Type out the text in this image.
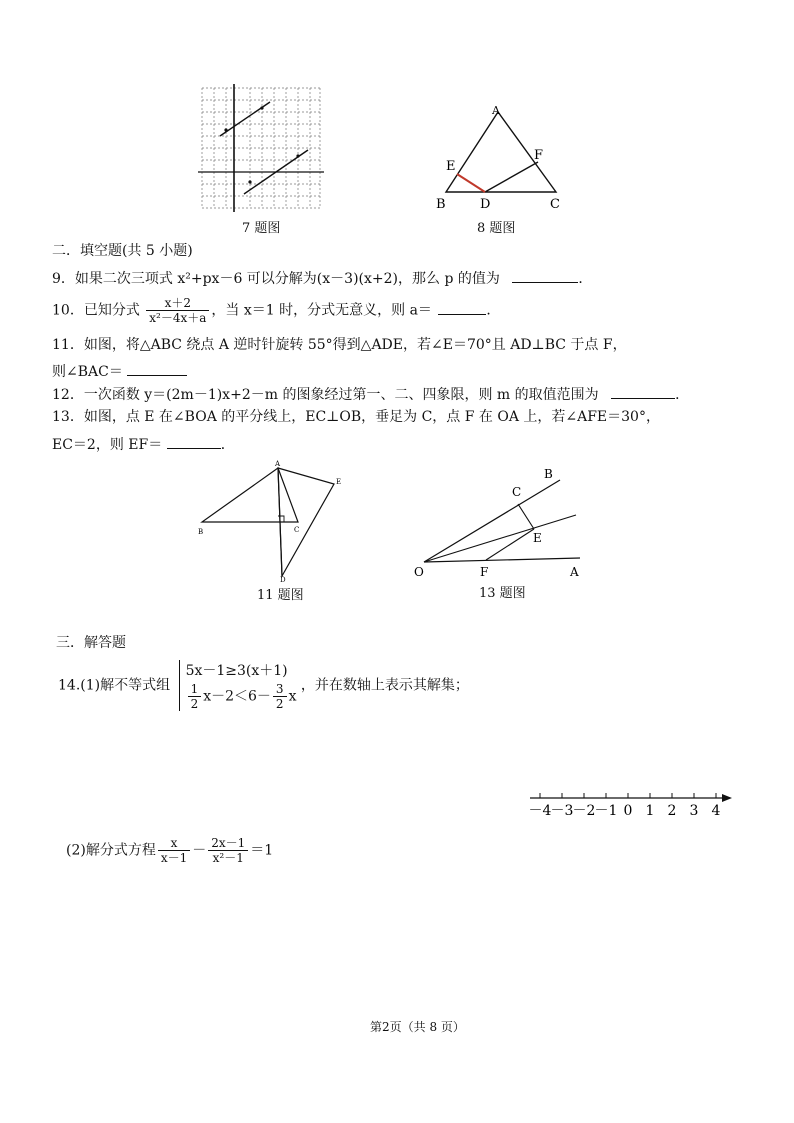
7 题图
A
E
F
B	D	C
8 题图
二．填空题(共 5 小题)
9．如果二次三项式 x²+px－6 可以分解为(x－3)(x+2)，那么 p 的值为	．
10．已知分式 $\frac{x+2}{\text{x²－4x＋a}}$ ，当 x＝1 时，分式无意义，则 a＝	．
11．如图，将△ABC 绕点 A 逆时针旋转 55°得到△ADE，若∠E＝70°且 AD⊥BC 于点 F，
则∠BAC＝
12．一次函数 y＝(2m－1)x+2－m 的图象经过第一、二、四象限，则 m 的取值范围为	．
13．如图，点 E 在∠BOA 的平分线上，EC⊥OB，垂足为 C，点 F 在 OA 上，若∠AFE＝30°，
EC＝2，则 EF＝	．
A
E
B	C
D
11 题图
B
C
E
O	F	A
13 题图
三．解答题
14.(1)解不等式组
5x－1≥3(x＋1)
$\frac{1}{2} x-2<6- \frac{3}{2}$ x
，并在数轴上表示其解集；
－4 －3 －2 －1 0 1 2 3 4
(2)解分式方程 $\frac{x}{x-1} - \frac{2x-1}{\text{x²－1}} =1$
第2页（共 8 页）
